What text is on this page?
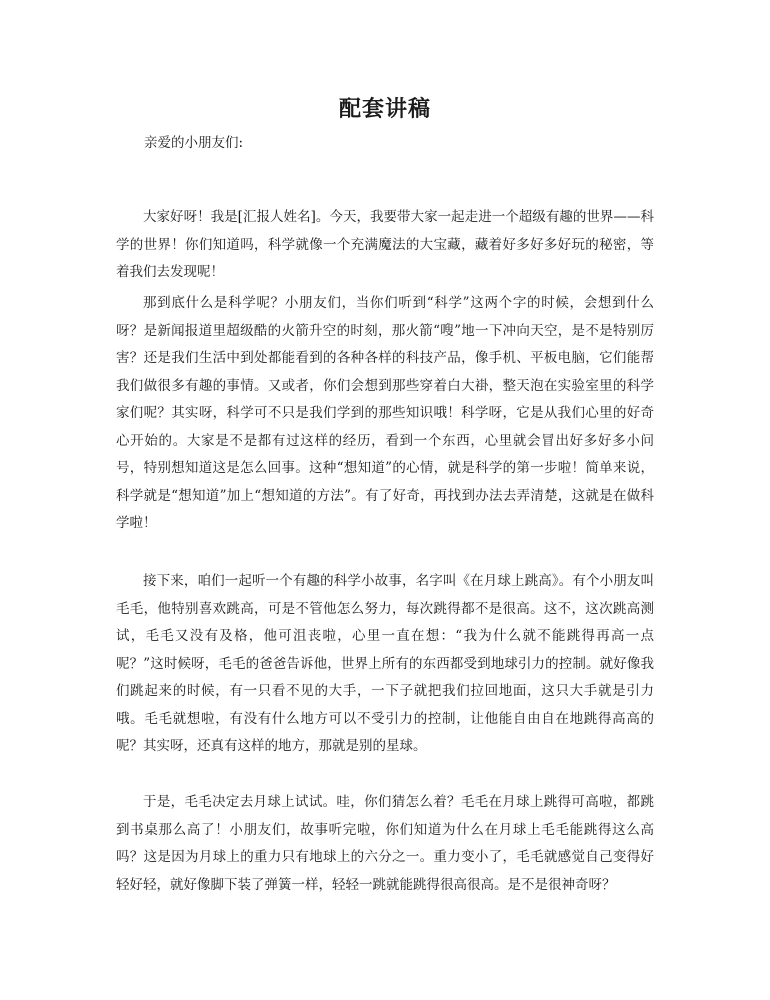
配套讲稿

亲爱的小朋友们:

大家好呀！我是[汇报人姓名]。今天，我要带大家一起走进一个超级有趣的世界——科学的世界！你们知道吗，科学就像一个充满魔法的大宝藏，藏着好多好多好玩的秘密，等着我们去发现呢！

那到底什么是科学呢？小朋友们，当你们听到“科学”这两个字的时候，会想到什么呀？是新闻报道里超级酷的火箭升空的时刻，那火箭“嗖”地一下冲向天空，是不是特别厉害？还是我们生活中到处都能看到的各种各样的科技产品，像手机、平板电脑，它们能帮我们做很多有趣的事情。又或者，你们会想到那些穿着白大褂，整天泡在实验室里的科学家们呢？其实呀，科学可不只是我们学到的那些知识哦！科学呀，它是从我们心里的好奇心开始的。大家是不是都有过这样的经历，看到一个东西，心里就会冒出好多好多小问号，特别想知道这是怎么回事。这种“想知道”的心情，就是科学的第一步啦！简单来说，科学就是“想知道”加上“想知道的方法”。有了好奇，再找到办法去弄清楚，这就是在做科学啦！

接下来，咱们一起听一个有趣的科学小故事，名字叫《在月球上跳高》。有个小朋友叫毛毛，他特别喜欢跳高，可是不管他怎么努力，每次跳得都不是很高。这不，这次跳高测试，毛毛又没有及格，他可沮丧啦，心里一直在想：“我为什么就不能跳得再高一点呢？”这时候呀，毛毛的爸爸告诉他，世界上所有的东西都受到地球引力的控制。就好像我们跳起来的时候，有一只看不见的大手，一下子就把我们拉回地面，这只大手就是引力哦。毛毛就想啦，有没有什么地方可以不受引力的控制，让他能自由自在地跳得高高的呢？其实呀，还真有这样的地方，那就是别的星球。

于是，毛毛决定去月球上试试。哇，你们猜怎么着？毛毛在月球上跳得可高啦，都跳到书桌那么高了！小朋友们，故事听完啦，你们知道为什么在月球上毛毛能跳得这么高吗？这是因为月球上的重力只有地球上的六分之一。重力变小了，毛毛就感觉自己变得好轻好轻，就好像脚下装了弹簧一样，轻轻一跳就能跳得很高很高。是不是很神奇呀？
